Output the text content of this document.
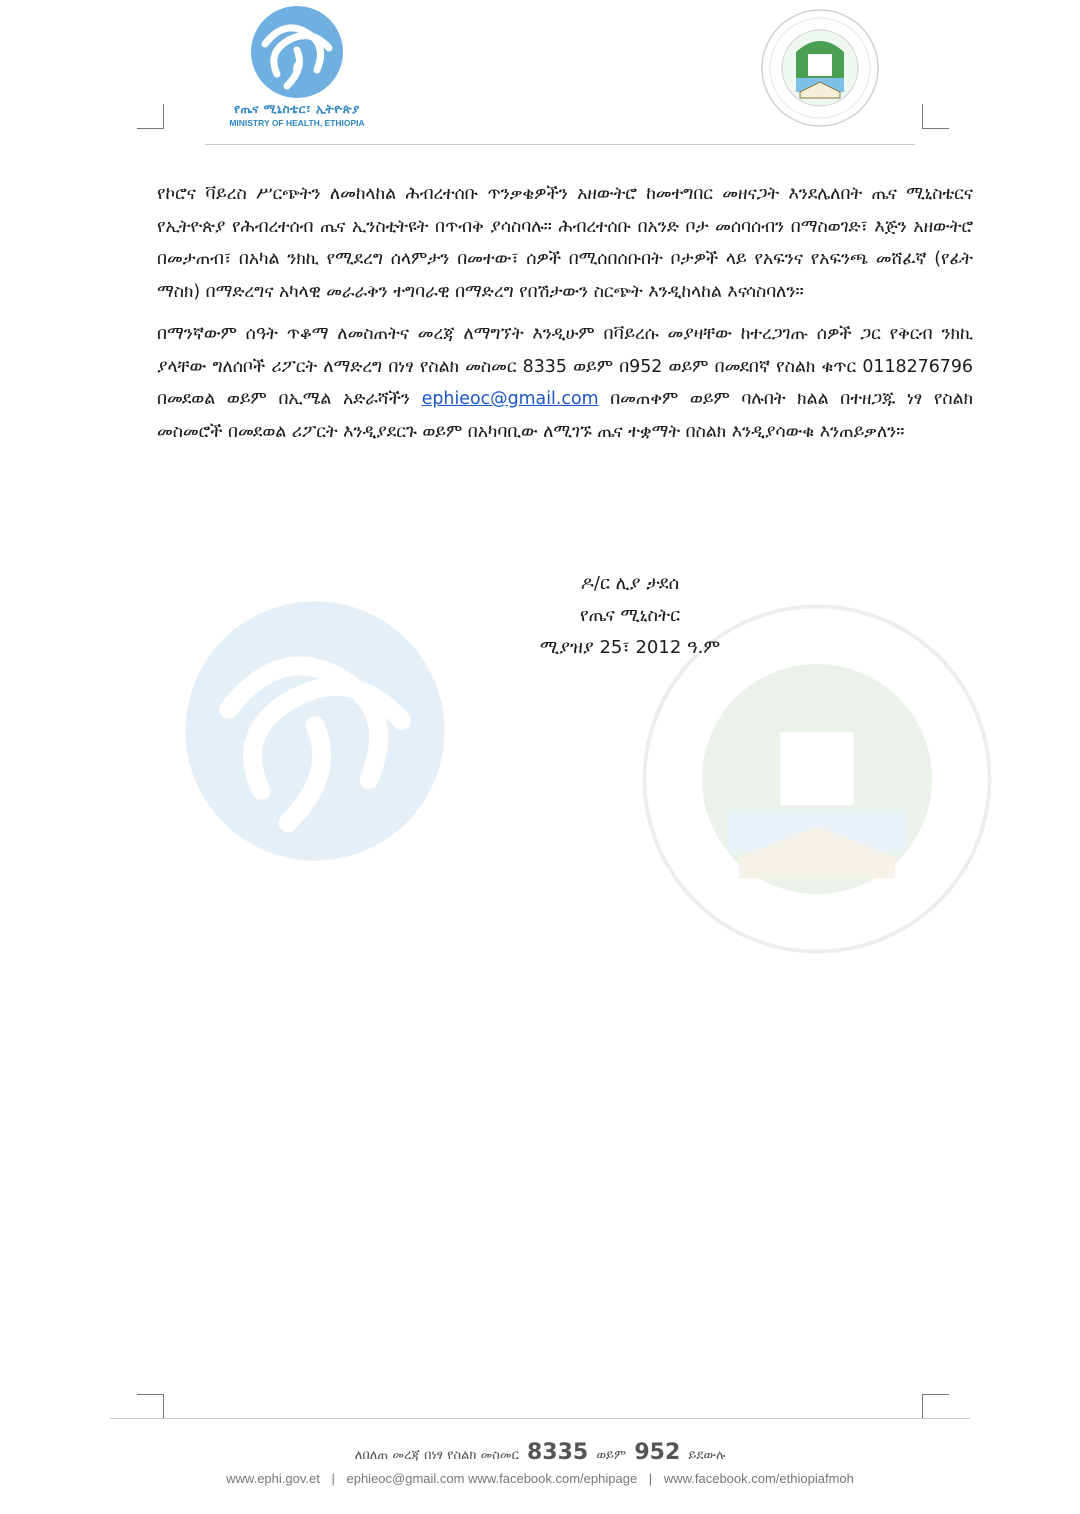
የጤና ሚኒስቴር፣ ኢትዮጵያ
MINISTRY OF HEALTH, ETHIOPIA

የኮሮና ቫይረስ ሥርጭትን ለመከላከል ሕብረተሰቡ ጥንቃቄዎችን አዘውትሮ ከመተግበር መዘናጋት እንደሌለበት ጤና ሚኒስቴርና የኢትዮጵያ የሕብረተሰብ ጤና ኢንስቲትዩት በጥብቅ ያሳስባሉ። ሕብረተሰቡ በአንድ ቦታ መሰባሰብን በማስወገድ፣ እጅን አዘውትሮ በመታጠብ፣ በአካል ንክኪ የሚደረግ ሰላምታን በመተው፣ ሰዎች በሚሰበሰቡበት ቦታዎች ላይ የአፍንና የአፍንጫ መሸፈኛ (የፊት ማስክ) በማድረግና አካላዊ መራራቅን ተግባራዊ በማድረግ የበሽታውን ስርጭት እንዲከላከል እናሳስባለን።

በማንኛውም ሰዓት ጥቆማ ለመስጠትና መረጃ ለማግኘት እንዲሁም በቫይረሱ መያዛቸው ከተረጋገጡ ሰዎች ጋር የቅርብ ንክኪ ያላቸው ግለሰቦች ሪፖርት ለማድረግ በነፃ የስልክ መስመር 8335 ወይም በ952 ወይም በመደበኛ የስልክ ቁጥር 0118276796 በመደወል ወይም በኢሜል አድራሻችን ephieoc@gmail.com በመጠቀም ወይም ባሉበት ክልል በተዘጋጁ ነፃ የስልክ መስመሮች በመደወል ሪፖርት እንዲያደርጉ ወይም በአካባቢው ለሚገኙ ጤና ተቋማት በስልክ እንዲያሳውቁ እንጠይቃለን።

ዶ/ር ሊያ ታደሰ
የጤና ሚኒስትር
ሚያዝያ 25፣ 2012 ዓ.ም
ለበለጠ መረጃ በነፃ የስልክ መስመር 8335 ወይም 952 ይደውሉ
www.ephi.gov.et | ephieoc@gmail.com www.facebook.com/ephipage | www.facebook.com/ethiopiafmoh
